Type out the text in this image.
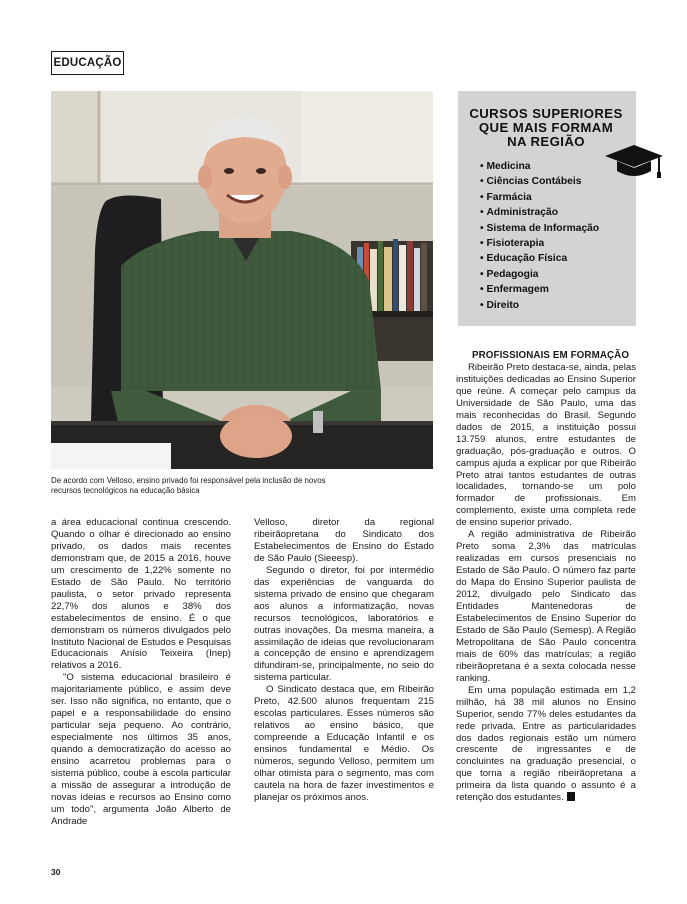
EDUCAÇÃO
De acordo com Velloso, ensino privado foi responsável pela inclusão de novos recursos tecnológicos na educação básica
CURSOS SUPERIORES
QUE MAIS FORMAM
NA REGIÃO
• Medicina
• Ciências Contábeis
• Farmácia
• Administração
• Sistema de Informação
• Fisioterapia
• Educação Física
• Pedagogia
• Enfermagem
• Direito

a área educacional continua crescendo. Quando o olhar é direcionado ao ensino privado, os dados mais recentes demonstram que, de 2015 a 2016, houve um crescimento de 1,22% somente no Estado de São Paulo. No território paulista, o setor privado representa 22,7% dos alunos e 38% dos estabelecimentos de ensino. É o que demonstram os números divulgados pelo Instituto Nacional de Estudos e Pesquisas Educacionais Anísio Teixeira (Inep) relativos a 2016.

"O sistema educacional brasileiro é majoritariamente público, e assim deve ser. Isso não significa, no entanto, que o papel e a responsabilidade do ensino particular seja pequeno. Ao contrário, especialmente nos últimos 35 anos, quando a democratização do acesso ao ensino acarretou problemas para o sistema público, coube à escola particular a missão de assegurar a introdução de novas ideias e recursos ao Ensino como um todo", argumenta João Alberto de Andrade

Velloso, diretor da regional ribeirãopretana do Sindicato dos Estabelecimentos de Ensino do Estado de São Paulo (Sieeesp).

Segundo o diretor, foi por intermédio das experiências de vanguarda do sistema privado de ensino que chegaram aos alunos a informatização, novas recursos tecnológicos, laboratórios e outras inovações. Da mesma maneira, a assimilação de ideias que revolucionaram a concepção de ensino e aprendizagem difundiram-se, principalmente, no seio do sistema particular.

O Sindicato destaca que, em Ribeirão Preto, 42.500 alunos frequentam 215 escolas particulares. Esses números são relativos ao ensino básico, que compreende a Educação Infantil e os ensinos fundamental e Médio. Os números, segundo Velloso, permitem um olhar otimista para o segmento, mas com cautela na hora de fazer investimentos e planejar os próximos anos.

PROFISSIONAIS EM FORMAÇÃO

Ribeirão Preto destaca-se, ainda, pelas instituições dedicadas ao Ensino Superior que reúne. A começar pelo campus da Universidade de São Paulo, uma das mais reconhecidas do Brasil. Segundo dados de 2015, a instituição possui 13.759 alunos, entre estudantes de graduação, pós-graduação e outros. O campus ajuda a explicar por que Ribeirão Preto atrai tantos estudantes de outras localidades, tornando-se um polo formador de profissionais. Em complemento, existe uma completa rede de ensino superior privado.

A região administrativa de Ribeirão Preto soma 2,3% das matrículas realizadas em cursos presenciais no Estado de São Paulo. O número faz parte do Mapa do Ensino Superior paulista de 2012, divulgado pelo Sindicato das Entidades Mantenedoras de Estabelecimentos de Ensino Superior do Estado de São Paulo (Semesp). A Região Metropolitana de São Paulo concentra mais de 60% das matrículas; a região ribeirãopretana é a sexta colocada nesse ranking.

Em uma população estimada em 1,2 milhão, há 38 mil alunos no Ensino Superior, sendo 77% deles estudantes da rede privada. Entre as particularidades dos dados regionais estão um número crescente de ingressantes e de concluintes na graduação presencial, o que torna a região ribeirãopretana a primeira da lista quando o assunto é a retenção dos estudantes.

30
